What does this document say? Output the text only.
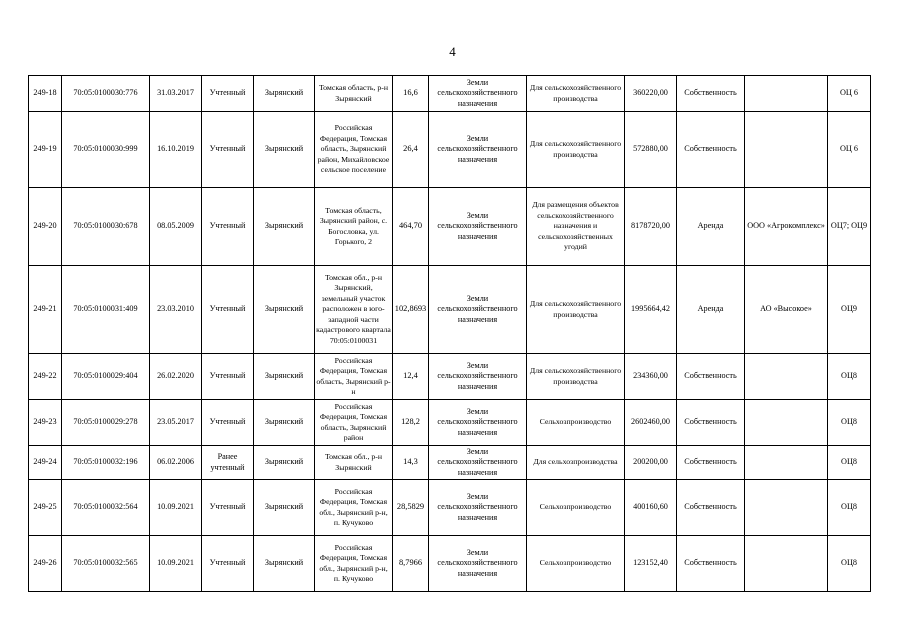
4
249-18	70:05:0100030:776	31.03.2017	Учтенный	Зырянский	Томская область, р-н Зырянский	16,6	Земли сельскохозяйственного назначения	Для сельскохозяйственного производства	360220,00	Собственность		ОЦ 6
249-19	70:05:0100030:999	16.10.2019	Учтенный	Зырянский	Российская Федерация, Томская область, Зырянский район, Михайловское сельское поселение	26,4	Земли сельскохозяйственного назначения	Для сельскохозяйственного производства	572880,00	Собственность		ОЦ 6
249-20	70:05:0100030:678	08.05.2009	Учтенный	Зырянский	Томская область, Зырянский район, с. Богословка, ул. Горького, 2	464,70	Земли сельскохозяйственного назначения	Для размещения объектов сельскохозяйственного назначения и сельскохозяйственных угодий	8178720,00	Аренда	ООО «Агрокомплекс»	ОЦ7; ОЦ9
249-21	70:05:0100031:409	23.03.2010	Учтенный	Зырянский	Томская обл., р-н Зырянский, земельный участок расположен в юго-западной части кадастрового квартала 70:05:0100031	102,8693	Земли сельскохозяйственного назначения	Для сельскохозяйственного производства	1995664,42	Аренда	АО «Высокое»	ОЦ9
249-22	70:05:0100029:404	26.02.2020	Учтенный	Зырянский	Российская Федерация, Томская область, Зырянский р-н	12,4	Земли сельскохозяйственного назначения	Для сельскохозяйственного производства	234360,00	Собственность		ОЦ8
249-23	70:05:0100029:278	23.05.2017	Учтенный	Зырянский	Российская Федерация, Томская область, Зырянский район	128,2	Земли сельскохозяйственного назначения	Сельхозпроизводство	2602460,00	Собственность		ОЦ8
249-24	70:05:0100032:196	06.02.2006	Ранее учтенный	Зырянский	Томская обл., р-н Зырянский	14,3	Земли сельскохозяйственного назначения	Для сельхозпроизводства	200200,00	Собственность		ОЦ8
249-25	70:05:0100032:564	10.09.2021	Учтенный	Зырянский	Российская Федерация, Томская обл., Зырянский р-н, п. Кучуково	28,5829	Земли сельскохозяйственного назначения	Сельхозпроизводство	400160,60	Собственность		ОЦ8
249-26	70:05:0100032:565	10.09.2021	Учтенный	Зырянский	Российская Федерация, Томская обл., Зырянский р-н, п. Кучуково	8,7966	Земли сельскохозяйственного назначения	Сельхозпроизводство	123152,40	Собственность		ОЦ8
